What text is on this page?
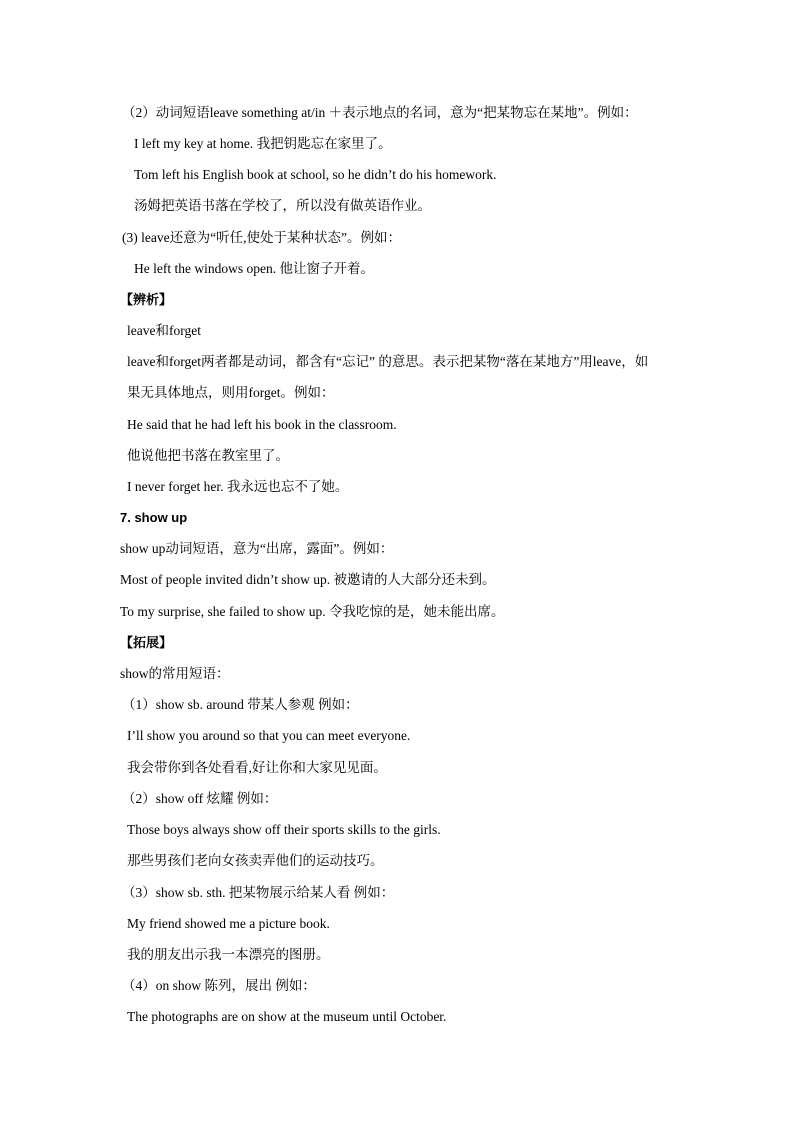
（2）动词短语leave something at/in ＋表示地点的名词，意为“把某物忘在某地”。例如：
I left my key at home. 我把钥匙忘在家里了。
Tom left his English book at school, so he didn’t do his homework.
汤姆把英语书落在学校了，所以没有做英语作业。
(3) leave还意为“听任,使处于某种状态”。例如：
He left the windows open. 他让窗子开着。
【辨析】
leave和forget
leave和forget两者都是动词，都含有“忘记” 的意思。表示把某物“落在某地方”用leave，如
果无具体地点，则用forget。例如：
He said that he had left his book in the classroom.
他说他把书落在教室里了。
I never forget her. 我永远也忘不了她。
7. show up
show up动词短语，意为“出席，露面”。例如：
Most of people invited didn’t show up. 被邀请的人大部分还未到。
To my surprise, she failed to show up. 令我吃惊的是，她未能出席。
【拓展】
show的常用短语：
（1）show sb. around 带某人参观 例如：
I’ll show you around so that you can meet everyone.
我会带你到各处看看,好让你和大家见见面。
（2）show off 炫耀 例如：
Those boys always show off their sports skills to the girls.
那些男孩们老向女孩卖弄他们的运动技巧。
（3）show sb. sth. 把某物展示给某人看 例如：
My friend showed me a picture book.
我的朋友出示我一本漂亮的图册。
（4）on show 陈列，展出 例如：
The photographs are on show at the museum until October.
